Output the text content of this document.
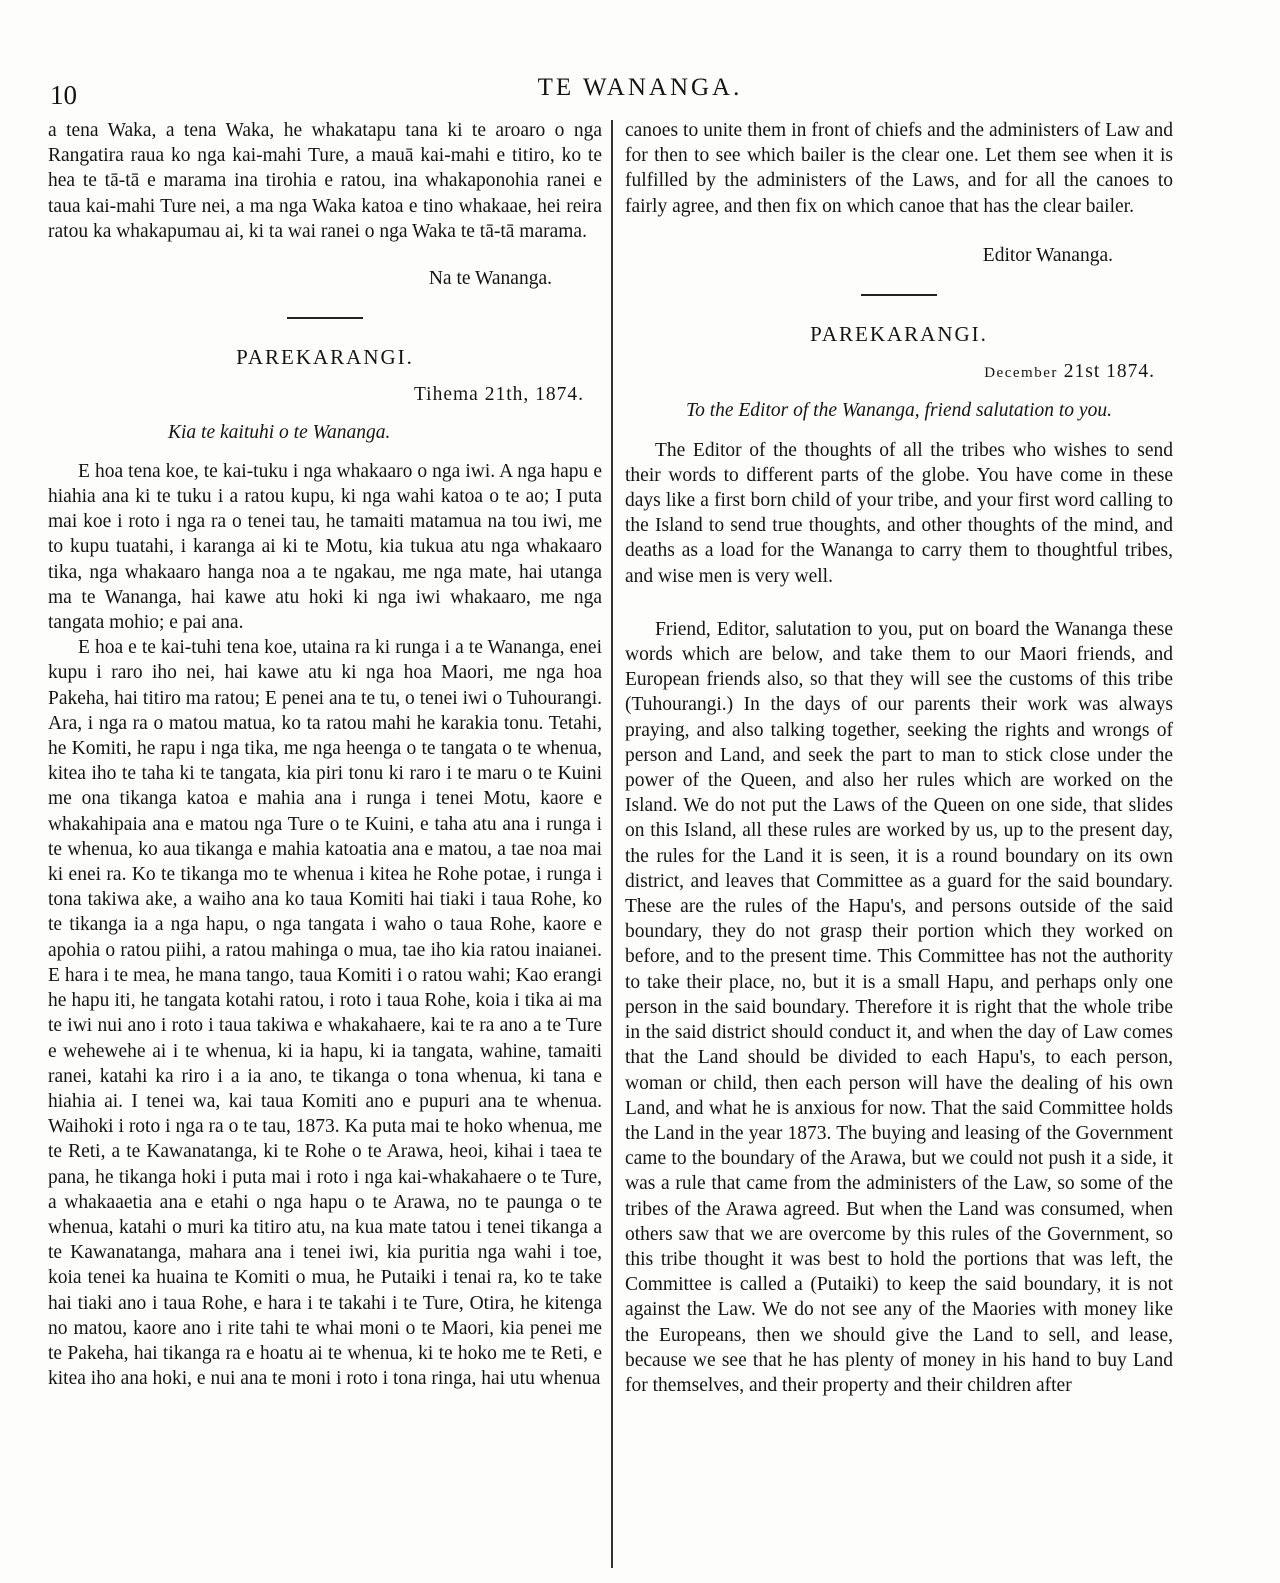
10	TE WANANGA.

a tena Waka, a tena Waka, he whakatapu tana ki te aroaro o nga Rangatira raua ko nga kai-mahi Ture, a mauā kai-mahi e titiro, ko te hea te tā-tā e marama ina tirohia e ratou, ina whakaponohia ranei e taua kai-mahi Ture nei, a ma nga Waka katoa e tino whakaae, hei reira ratou ka whakapumau ai, ki ta wai ranei o nga Waka te tā-tā marama.

Na te Wananga.

PAREKARANGI.

Tihema 21th, 1874.

Kia te kaituhi o te Wananga.

E hoa tena koe, te kai-tuku i nga whakaaro o nga iwi. A nga hapu e hiahia ana ki te tuku i a ratou kupu, ki nga wahi katoa o te ao; I puta mai koe i roto i nga ra o tenei tau, he tamaiti matamua na tou iwi, me to kupu tuatahi, i karanga ai ki te Motu, kia tukua atu nga whakaaro tika, nga whakaaro hanga noa a te ngakau, me nga mate, hai utanga ma te Wananga, hai kawe atu hoki ki nga iwi whakaaro, me nga tangata mohio; e pai ana.

E hoa e te kai-tuhi tena koe, utaina ra ki runga i a te Wananga, enei kupu i raro iho nei, hai kawe atu ki nga hoa Maori, me nga hoa Pakeha, hai titiro ma ratou; E penei ana te tu, o tenei iwi o Tuhourangi. Ara, i nga ra o matou matua, ko ta ratou mahi he karakia tonu. Tetahi, he Komiti, he rapu i nga tika, me nga heenga o te tangata o te whenua, kitea iho te taha ki te tangata, kia piri tonu ki raro i te maru o te Kuini me ona tikanga katoa e mahia ana i runga i tenei Motu, kaore e whakahipaia ana e matou nga Ture o te Kuini, e taha atu ana i runga i te whenua, ko aua tikanga e mahia katoatia ana e matou, a tae noa mai ki enei ra. Ko te tikanga mo te whenua i kitea he Rohe potae, i runga i tona takiwa ake, a waiho ana ko taua Komiti hai tiaki i taua Rohe, ko te tikanga ia a nga hapu, o nga tangata i waho o taua Rohe, kaore e apohia o ratou piihi, a ratou mahinga o mua, tae iho kia ratou inaianei. E hara i te mea, he mana tango, taua Komiti i o ratou wahi; Kao erangi he hapu iti, he tangata kotahi ratou, i roto i taua Rohe, koia i tika ai ma te iwi nui ano i roto i taua takiwa e whakahaere, kai te ra ano a te Ture e wehewehe ai i te whenua, ki ia hapu, ki ia tangata, wahine, tamaiti ranei, katahi ka riro i a ia ano, te tikanga o tona whenua, ki tana e hiahia ai. I tenei wa, kai taua Komiti ano e pupuri ana te whenua. Waihoki i roto i nga ra o te tau, 1873. Ka puta mai te hoko whenua, me te Reti, a te Kawanatanga, ki te Rohe o te Arawa, heoi, kihai i taea te pana, he tikanga hoki i puta mai i roto i nga kai-whakahaere o te Ture, a whakaaetia ana e etahi o nga hapu o te Arawa, no te paunga o te whenua, katahi o muri ka titiro atu, na kua mate tatou i tenei tikanga a te Kawanatanga, mahara ana i tenei iwi, kia puritia nga wahi i toe, koia tenei ka huaina te Komiti o mua, he Putaiki i tenai ra, ko te take hai tiaki ano i taua Rohe, e hara i te takahi i te Ture, Otira, he kitenga no matou, kaore ano i rite tahi te whai moni o te Maori, kia penei me te Pakeha, hai tikanga ra e hoatu ai te whenua, ki te hoko me te Reti, e kitea iho ana hoki, e nui ana te moni i roto i tona ringa, hai utu whenua

canoes to unite them in front of chiefs and the administers of Law and for then to see which bailer is the clear one. Let them see when it is fulfilled by the administers of the Laws, and for all the canoes to fairly agree, and then fix on which canoe that has the clear bailer.

Editor Wananga.

PAREKARANGI.

December 21st 1874.

To the Editor of the Wananga, friend salutation to you.

The Editor of the thoughts of all the tribes who wishes to send their words to different parts of the globe. You have come in these days like a first born child of your tribe, and your first word calling to the Island to send true thoughts, and other thoughts of the mind, and deaths as a load for the Wananga to carry them to thoughtful tribes, and wise men is very well.

Friend, Editor, salutation to you, put on board the Wananga these words which are below, and take them to our Maori friends, and European friends also, so that they will see the customs of this tribe (Tuhourangi.) In the days of our parents their work was always praying, and also talking together, seeking the rights and wrongs of person and Land, and seek the part to man to stick close under the power of the Queen, and also her rules which are worked on the Island. We do not put the Laws of the Queen on one side, that slides on this Island, all these rules are worked by us, up to the present day, the rules for the Land it is seen, it is a round boundary on its own district, and leaves that Committee as a guard for the said boundary. These are the rules of the Hapu's, and persons outside of the said boundary, they do not grasp their portion which they worked on before, and to the present time. This Committee has not the authority to take their place, no, but it is a small Hapu, and perhaps only one person in the said boundary. Therefore it is right that the whole tribe in the said district should conduct it, and when the day of Law comes that the Land should be divided to each Hapu's, to each person, woman or child, then each person will have the dealing of his own Land, and what he is anxious for now. That the said Committee holds the Land in the year 1873. The buying and leasing of the Government came to the boundary of the Arawa, but we could not push it a side, it was a rule that came from the administers of the Law, so some of the tribes of the Arawa agreed. But when the Land was consumed, when others saw that we are overcome by this rules of the Government, so this tribe thought it was best to hold the portions that was left, the Committee is called a (Putaiki) to keep the said boundary, it is not against the Law. We do not see any of the Maories with money like the Europeans, then we should give the Land to sell, and lease, because we see that he has plenty of money in his hand to buy Land for themselves, and their property and their children after
